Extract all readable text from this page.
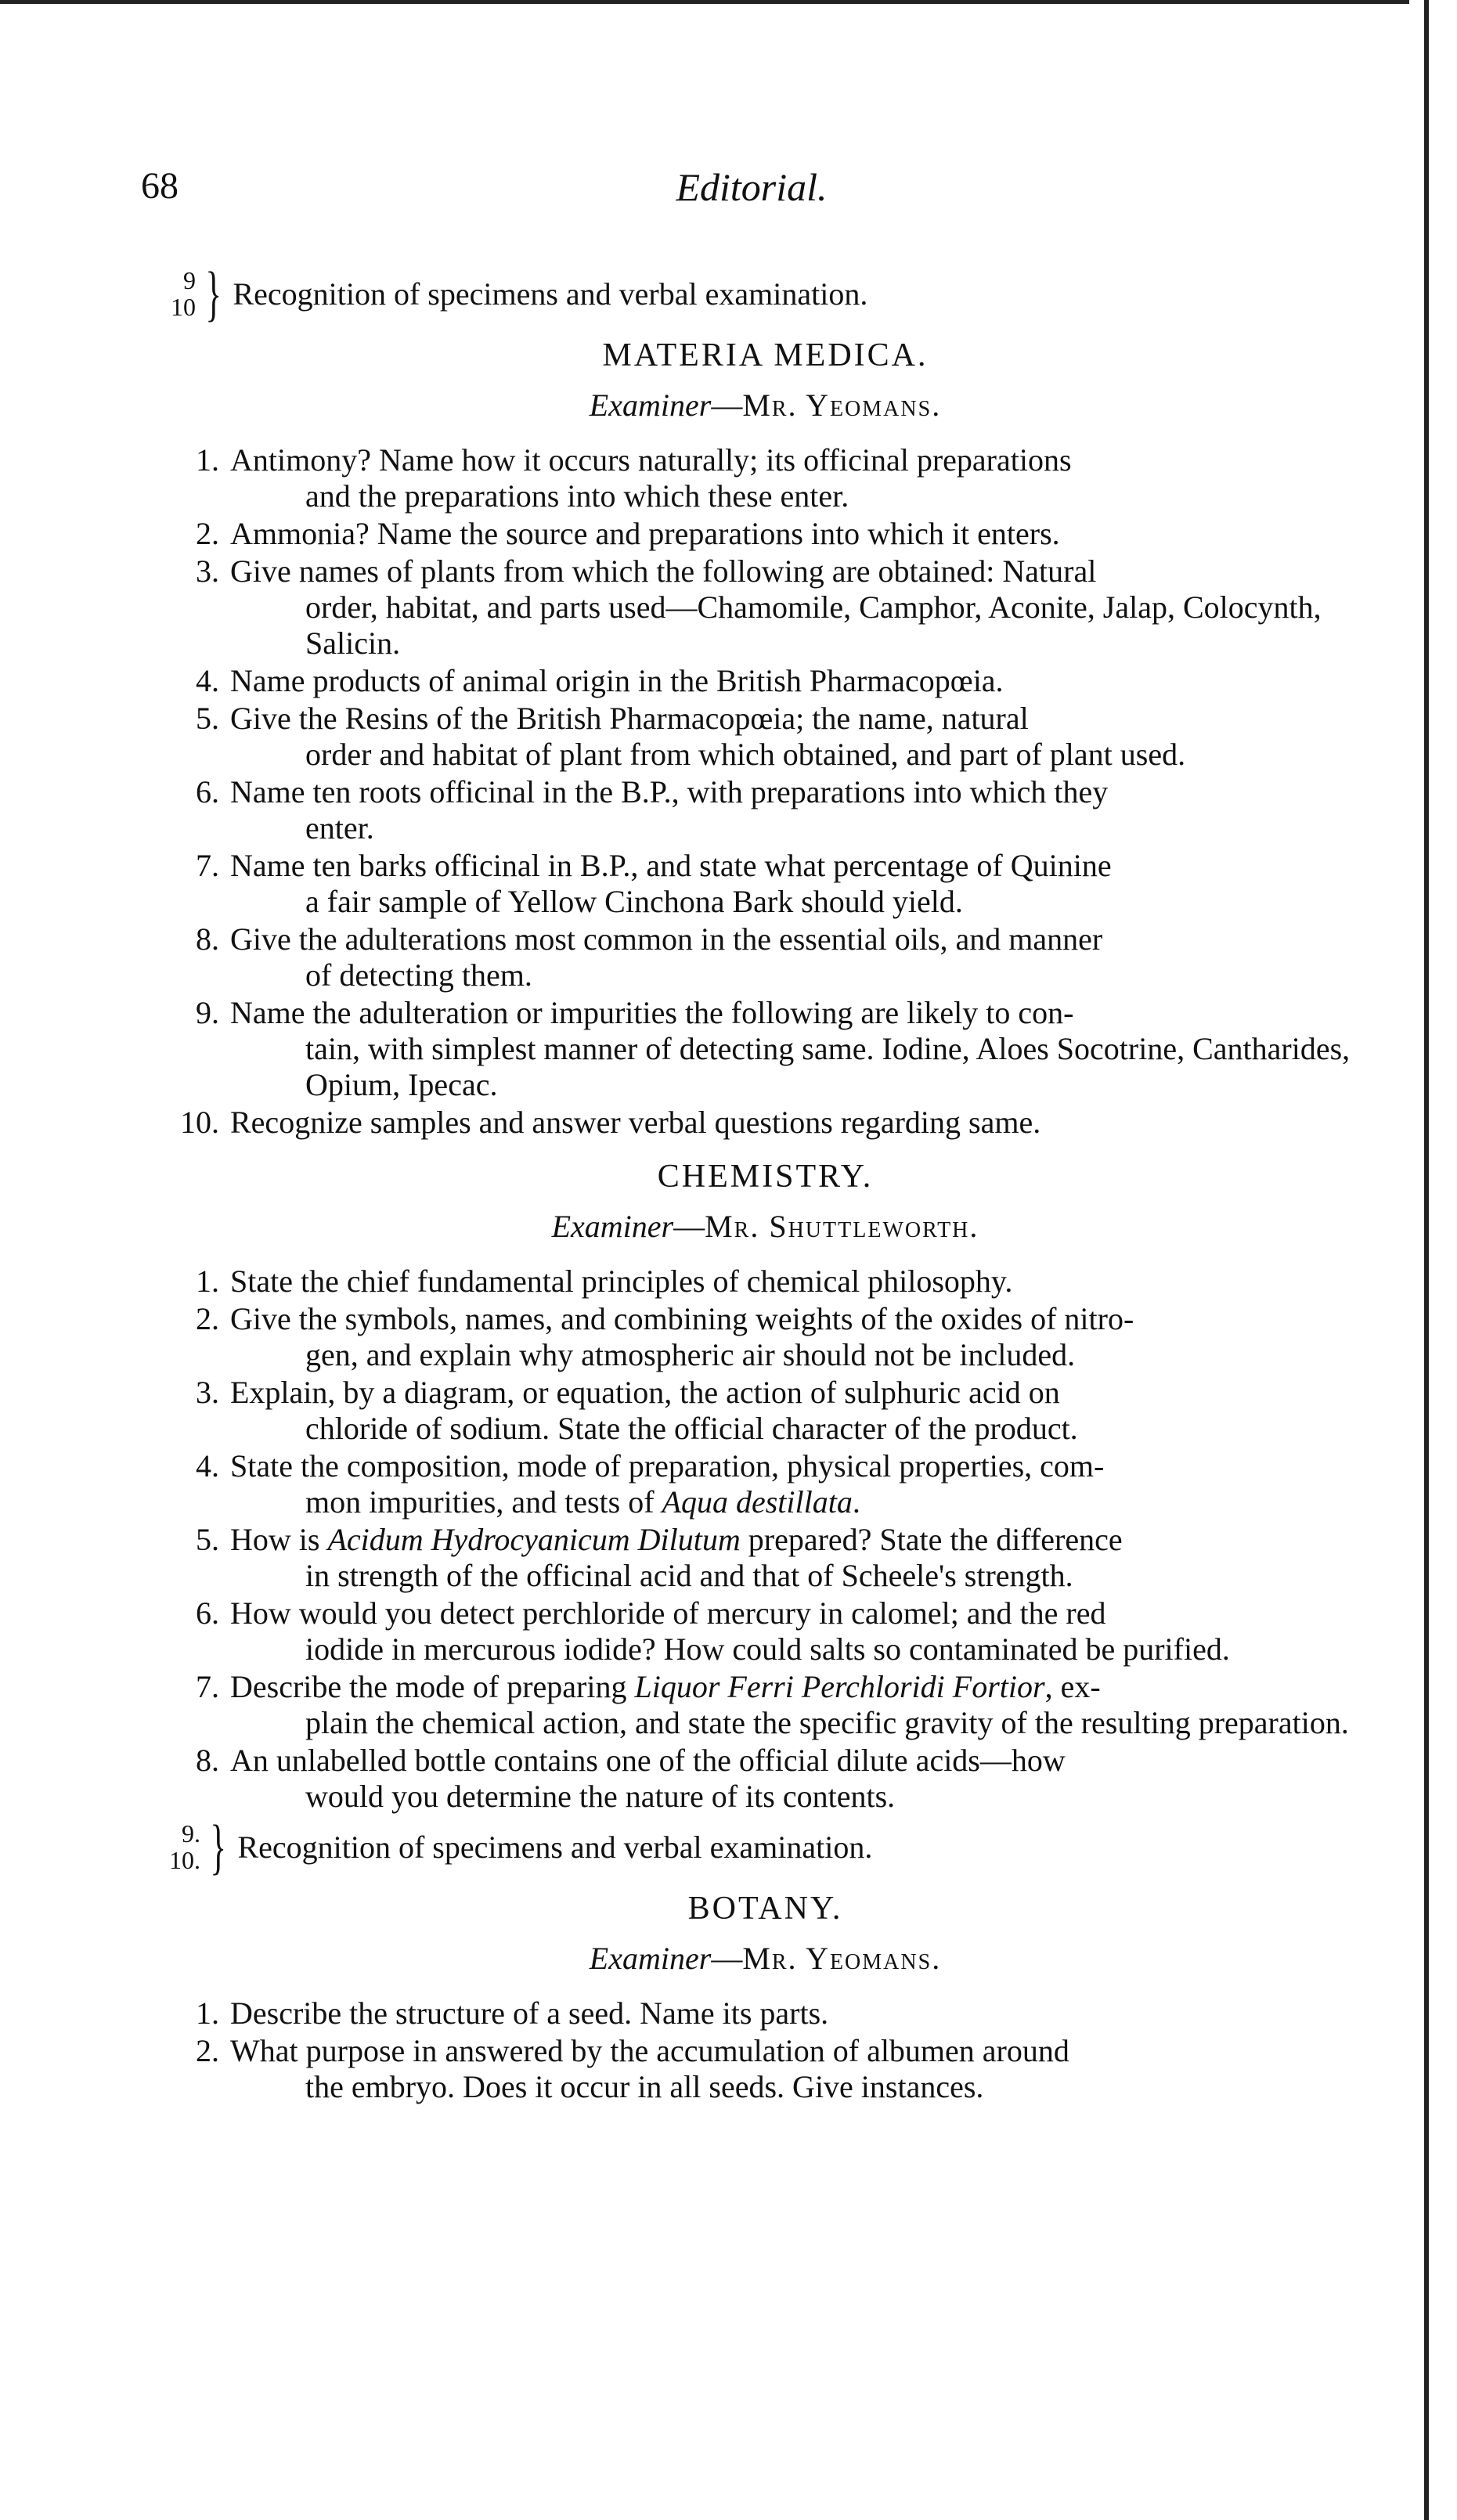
68	Editorial.
9
10 } Recognition of specimens and verbal examination.
MATERIA MEDICA.
Examiner—Mr. Yeomans.
1. Antimony? Name how it occurs naturally; its officinal preparations
and the preparations into which these enter.
2. Ammonia? Name the source and preparations into which it enters.
3. Give names of plants from which the following are obtained: Natural
order, habitat, and parts used—Chamomile, Camphor, Aconite, Jalap, Colocynth, Salicin.
4. Name products of animal origin in the British Pharmacopœia.
5. Give the Resins of the British Pharmacopœia; the name, natural
order and habitat of plant from which obtained, and part of plant used.
6. Name ten roots officinal in the B.P., with preparations into which they
enter.
7. Name ten barks officinal in B.P., and state what percentage of Quinine
a fair sample of Yellow Cinchona Bark should yield.
8. Give the adulterations most common in the essential oils, and manner
of detecting them.
9. Name the adulteration or impurities the following are likely to con-
tain, with simplest manner of detecting same. Iodine, Aloes Socotrine, Cantharides, Opium, Ipecac.
10. Recognize samples and answer verbal questions regarding same.
CHEMISTRY.
Examiner—Mr. Shuttleworth.
1. State the chief fundamental principles of chemical philosophy.
2. Give the symbols, names, and combining weights of the oxides of nitro-
gen, and explain why atmospheric air should not be included.
3. Explain, by a diagram, or equation, the action of sulphuric acid on
chloride of sodium. State the official character of the product.
4. State the composition, mode of preparation, physical properties, com-
mon impurities, and tests of Aqua destillata.
5. How is Acidum Hydrocyanicum Dilutum prepared? State the difference
in strength of the officinal acid and that of Scheele's strength.
6. How would you detect perchloride of mercury in calomel; and the red
iodide in mercurous iodide? How could salts so contaminated be purified.
7. Describe the mode of preparing Liquor Ferri Perchloridi Fortior, ex-
plain the chemical action, and state the specific gravity of the resulting preparation.
8. An unlabelled bottle contains one of the official dilute acids—how
would you determine the nature of its contents.
9.
10. } Recognition of specimens and verbal examination.
BOTANY.
Examiner—Mr. Yeomans.
1. Describe the structure of a seed. Name its parts.
2. What purpose in answered by the accumulation of albumen around
the embryo. Does it occur in all seeds. Give instances.
